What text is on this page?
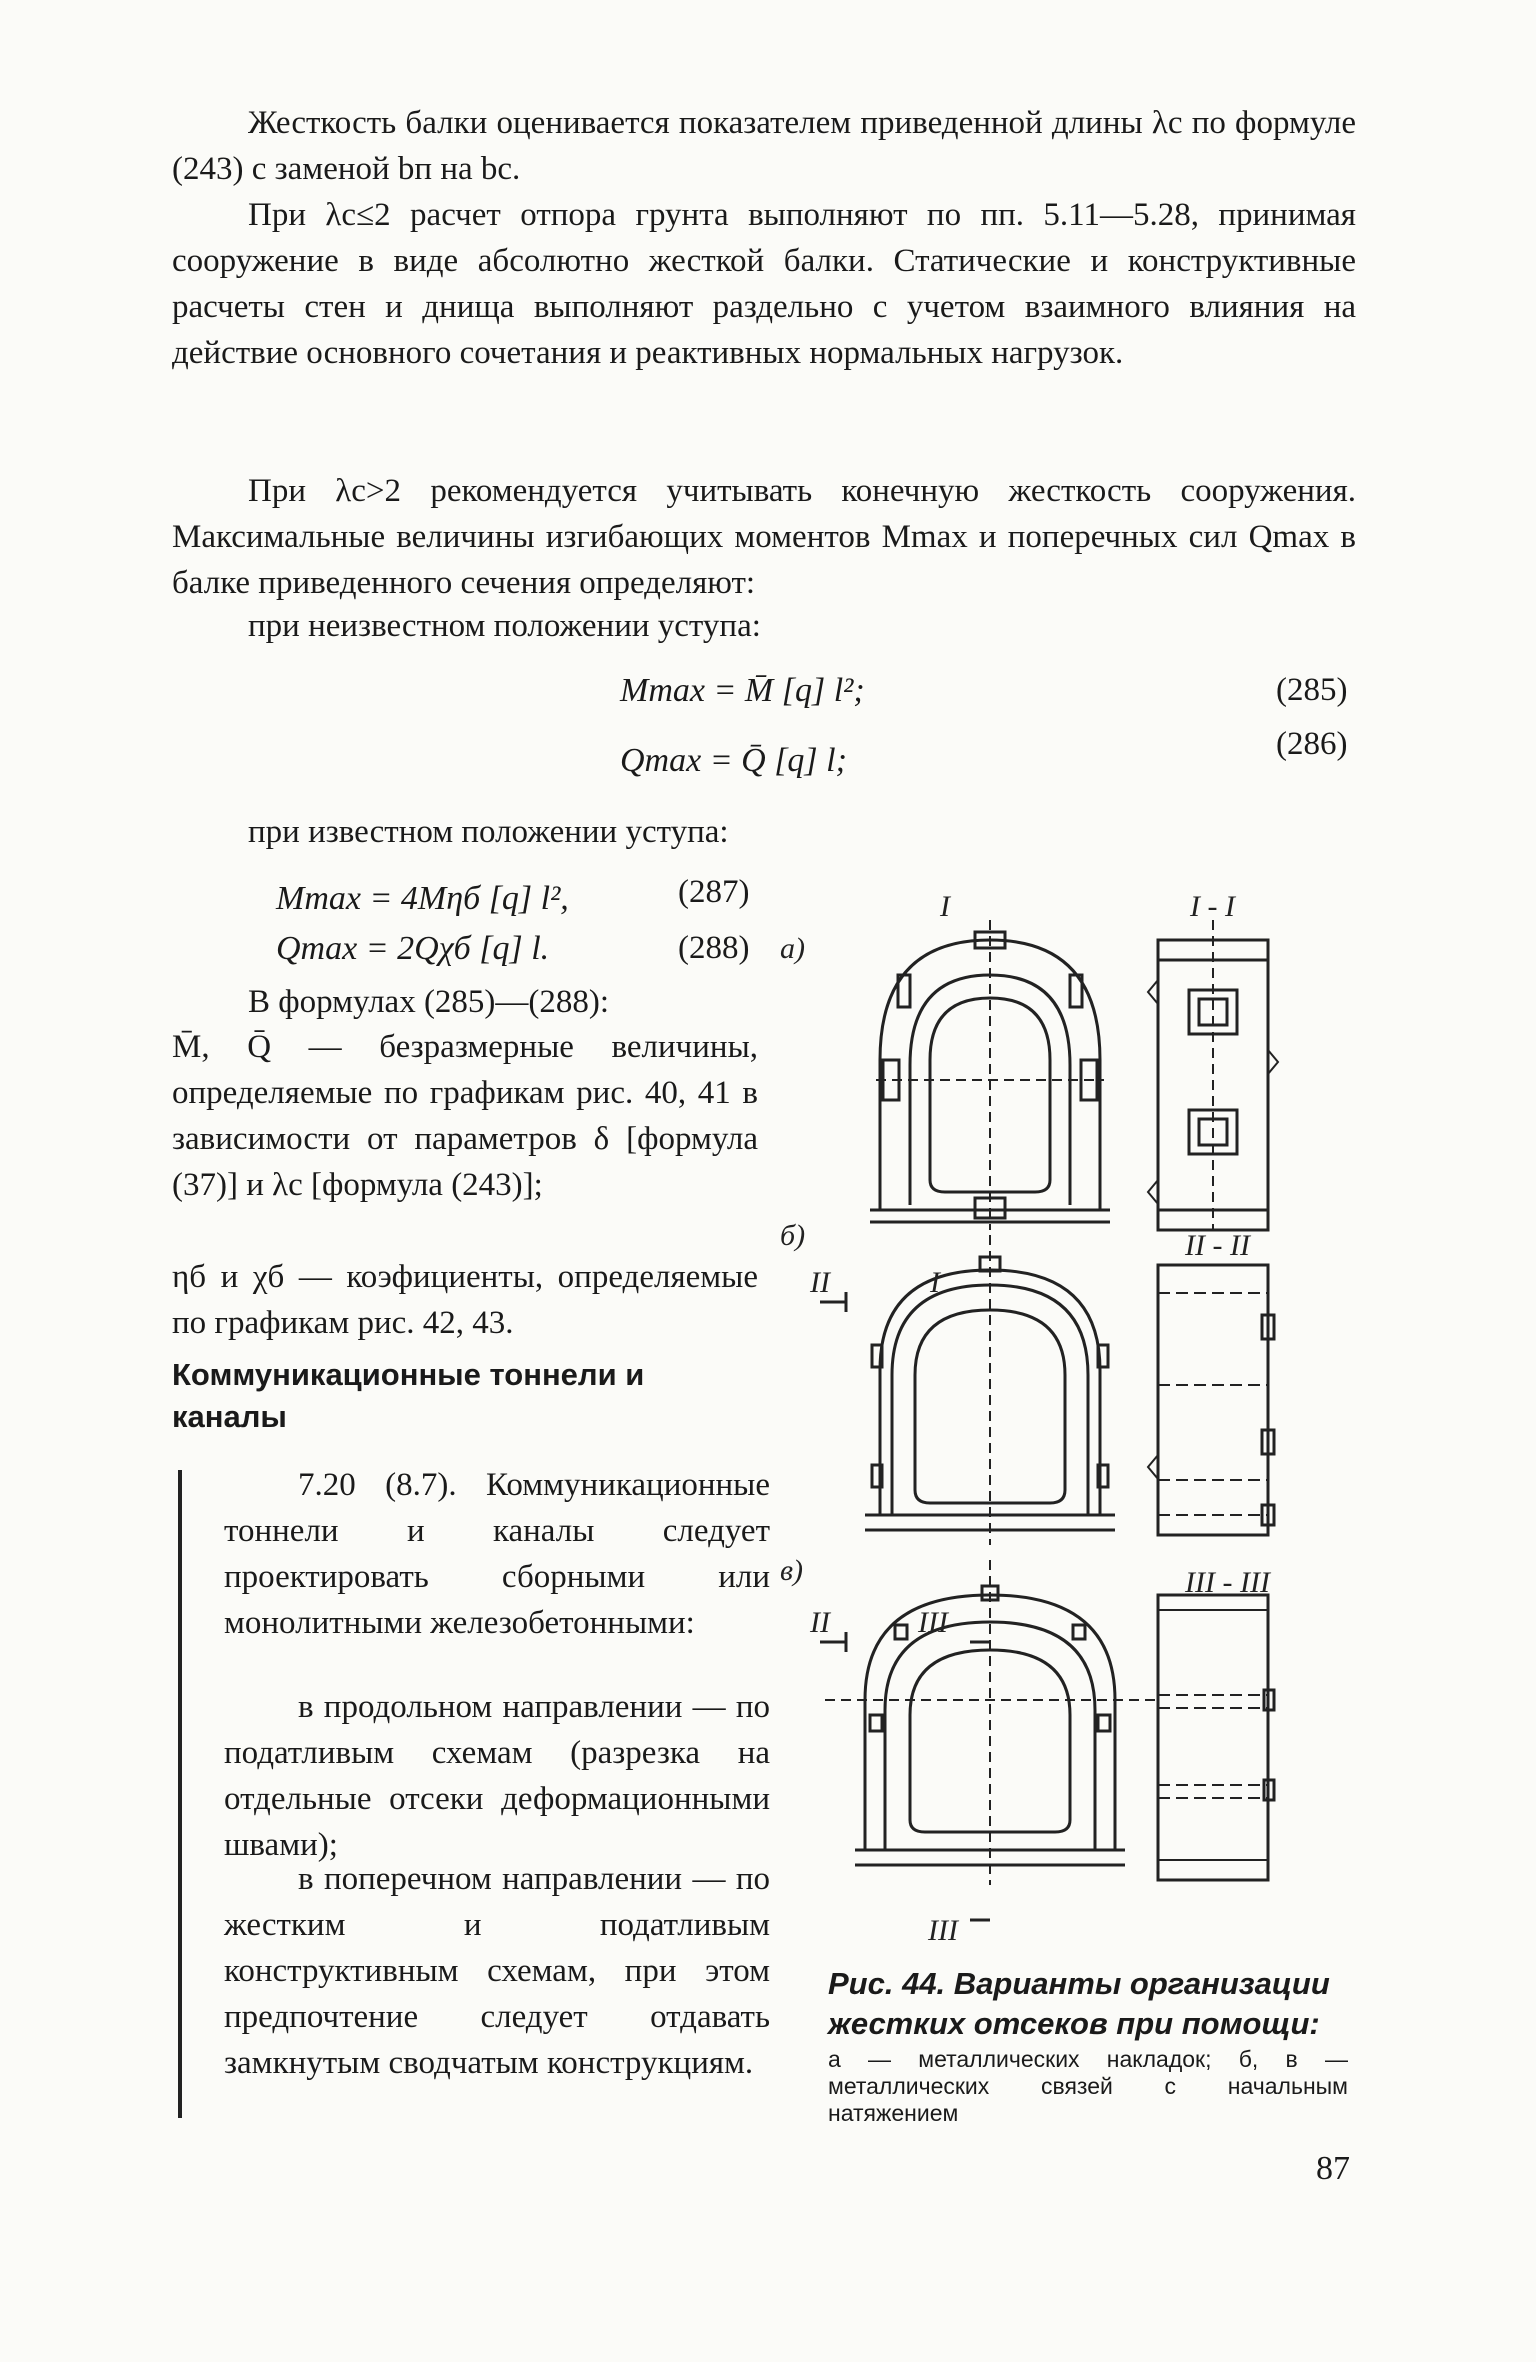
Жесткость балки оценивается показателем приведенной длины λc по формуле (243) с заменой bп на bс.

При λс≤2 расчет отпора грунта выполняют по пп. 5.11—5.28, принимая сооружение в виде абсолютно жесткой балки. Статические и конструктивные расчеты стен и днища выполняют раздельно с учетом взаимного влияния на действие основного сочетания и реактивных нормальных нагрузок.

При λс>2 рекомендуется учитывать конечную жесткость сооружения. Максимальные величины изгибающих моментов Mmax и поперечных сил Qmax в балке приведенного сечения определяют:

при неизвестном положении уступа:
Mmax = M̄ [q] l²;	(285)
Qmax = Q̄ [q] l;	(286)
при известном положении уступа:
Mmax = 4Mηб [q] l²,	(287)
Qmax = 2Qχб [q] l.	(288)
В формулах (285)—(288):

M̄, Q̄ — безразмерные величины, определяемые по графикам рис. 40, 41 в зависимости от параметров δ [формула (37)] и λc [формула (243)];

ηб и χб — коэфициенты, определяемые по графикам рис. 42, 43.

Коммуникационные тоннели и каналы

7.20 (8.7). Коммуникационные тоннели и каналы следует проектировать сборными или монолитными железобетонными:

в продольном направлении — по податливым схемам (разрезка на отдельные отсеки деформационными швами);

в поперечном направлении — по жестким и податливым конструктивным схемам, при этом предпочтение следует отдавать замкнутым сводчатым конструкциям.

а)
б)
в)
I	I - I
II	I
II - II
II	III
III - III
III
Рис. 44. Варианты организации жестких отсеков при помощи:
а — металлических накладок; б, в — металлических связей с начальным натяжением
87
